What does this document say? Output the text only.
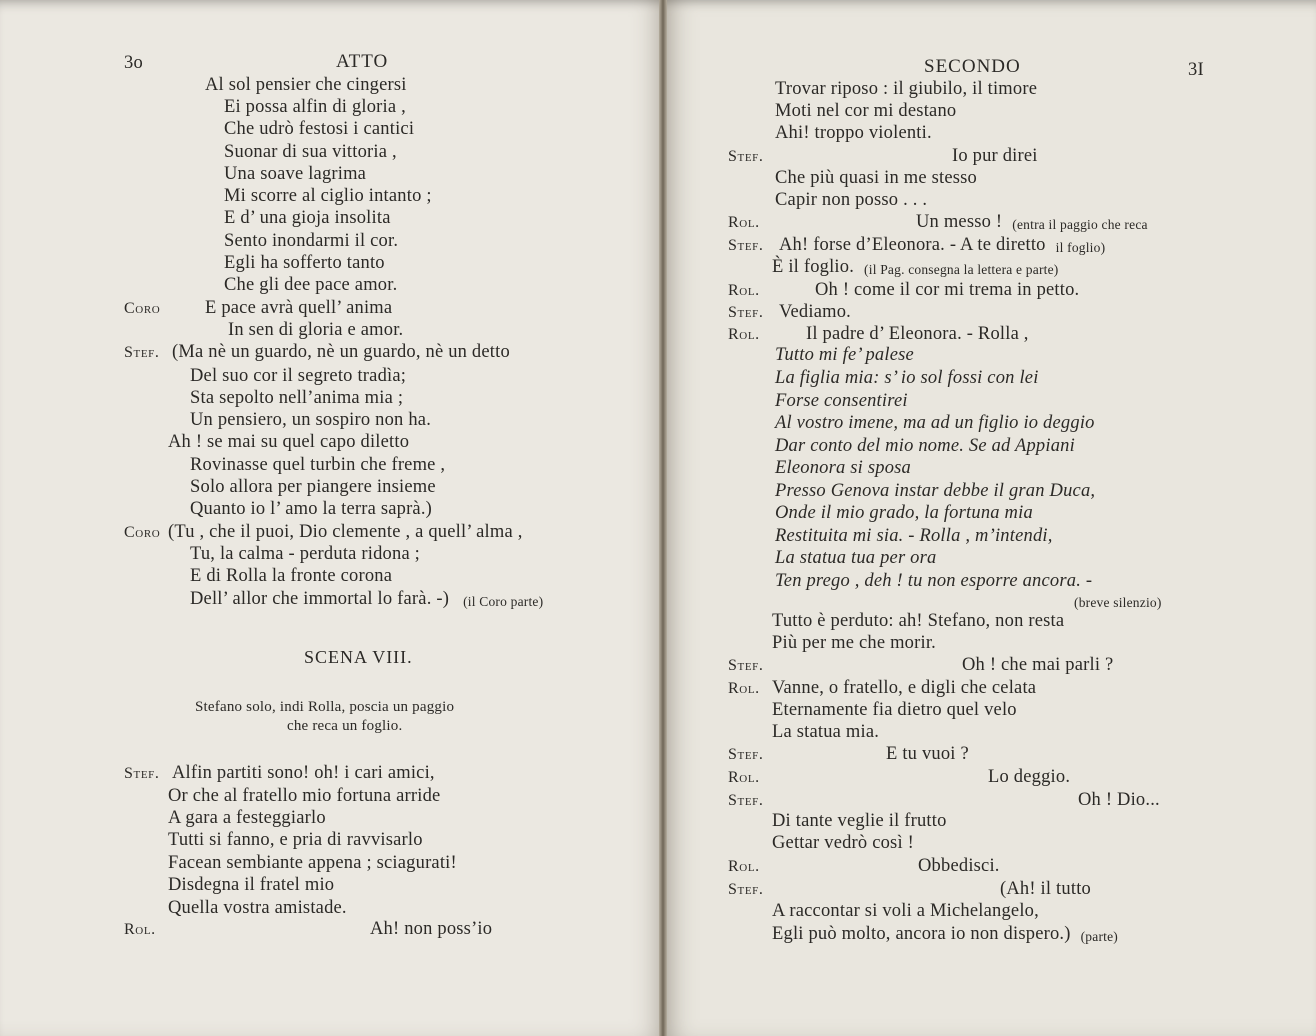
3o	ATTO	SECONDO	3I
SCENA VIII.
Stefano solo, indi Rolla, poscia un paggio
che reca un foglio.
Al sol pensier che cingersi
Ei possa alfin di gloria ,
Che udrò festosi i cantici
Suonar di sua vittoria ,
Una soave lagrima
Mi scorre al ciglio intanto ;
E d’ una gioja insolita
Sento inondarmi il cor.
Egli ha sofferto tanto
Che gli dee pace amor.
Coro E pace avrà quell’ anima
In sen di gloria e amor.
Stef. (Ma nè un guardo, nè un guardo, nè un detto
Del suo cor il segreto tradìa;
Sta sepolto nell’anima mia ;
Un pensiero, un sospiro non ha.
Ah ! se mai su quel capo diletto
Rovinasse quel turbin che freme ,
Solo allora per piangere insieme
Quanto io l’ amo la terra saprà.)
Coro (Tu , che il puoi, Dio clemente , a quell’ alma ,
Tu, la calma - perduta ridona ;
E di Rolla la fronte corona
Dell’ allor che immortal lo farà. -) (il Coro parte)
Stef. Alfin partiti sono! oh! i cari amici,
Or che al fratello mio fortuna arride
A gara a festeggiarlo
Tutti si fanno, e pria di ravvisarlo
Facean sembiante appena ; sciagurati!
Disdegna il fratel mio
Quella vostra amistade.
Rol.	Ah! non poss’io
Trovar riposo : il giubilo, il timore
Moti nel cor mi destano
Ahi! troppo violenti.
Stef.	Io pur direi
Che più quasi in me stesso
Capir non posso . . .
Rol.	Un messo ! (entra il paggio che reca
Stef. Ah! forse d’Eleonora. - A te diretto il foglio)
È il foglio. (il Pag. consegna la lettera e parte)
Rol.	Oh ! come il cor mi trema in petto.
Stef. Vediamo.
Rol.	Il padre d’ Eleonora. - Rolla ,
Tutto mi fe’ palese
La figlia mia: s’ io sol fossi con lei
Forse consentirei
Al vostro imene, ma ad un figlio io deggio
Dar conto del mio nome. Se ad Appiani
Eleonora si sposa
Presso Genova instar debbe il gran Duca,
Onde il mio grado, la fortuna mia
Restituita mi sia. - Rolla , m’intendi,
La statua tua per ora
Ten prego , deh ! tu non esporre ancora. -
(breve silenzio)
Tutto è perduto: ah! Stefano, non resta
Più per me che morir.
Stef.	Oh ! che mai parli ?
Rol. Vanne, o fratello, e digli che celata
Eternamente fia dietro quel velo
La statua mia.
Stef.	E tu vuoi ?
Rol.	Lo deggio.
Stef.	Oh ! Dio...
Di tante veglie il frutto
Gettar vedrò così !
Rol.	Obbedisci.
Stef.	(Ah! il tutto
A raccontar si voli a Michelangelo,
Egli può molto, ancora io non dispero.) (parte)
